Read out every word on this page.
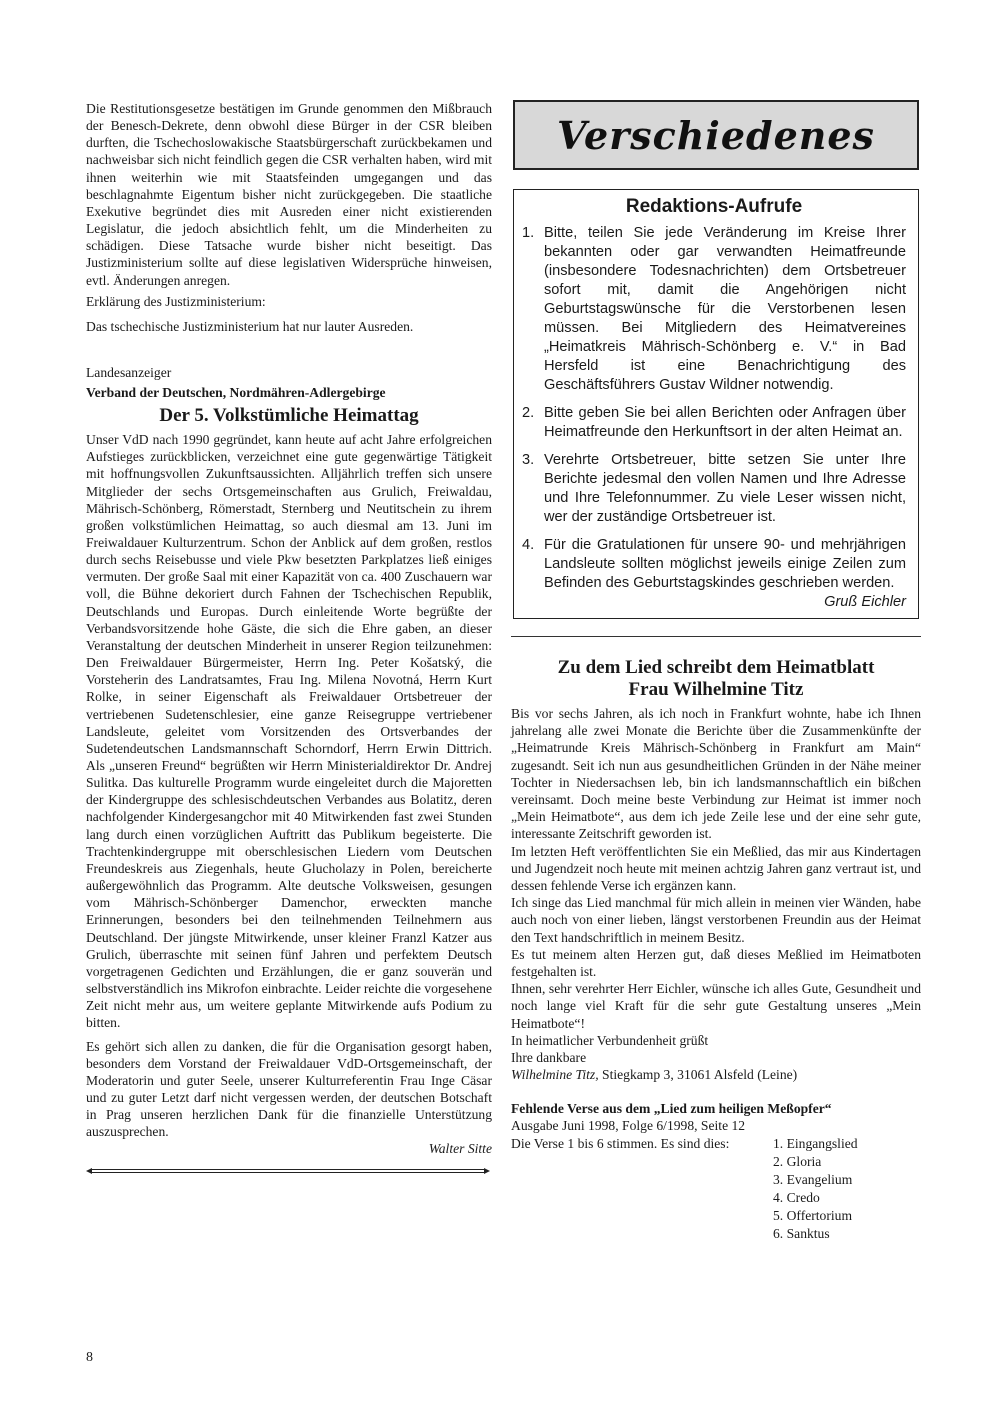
Die Restitutionsgesetze bestätigen im Grunde genommen den Mißbrauch der Benesch-Dekrete, denn obwohl diese Bürger in der CSR bleiben durften, die Tschechoslowakische Staatsbürgerschaft zurückbekamen und nachweisbar sich nicht feindlich gegen die CSR verhalten haben, wird mit ihnen weiterhin wie mit Staatsfeinden umgegangen und das beschlagnahmte Eigentum bisher nicht zurückgegeben. Die staatliche Exekutive begründet dies mit Ausreden einer nicht existierenden Legislatur, die jedoch absichtlich fehlt, um die Minderheiten zu schädigen. Diese Tatsache wurde bisher nicht beseitigt. Das Justizministerium sollte auf diese legislativen Widersprüche hinweisen, evtl. Änderungen anregen.

Erklärung des Justizministerium:

Das tschechische Justizministerium hat nur lauter Ausreden.

Landesanzeiger
Verband der Deutschen, Nordmähren-Adlergebirge
Der 5. Volkstümliche Heimattag

Unser VdD nach 1990 gegründet, kann heute auf acht Jahre erfolgreichen Aufstieges zurückblicken, verzeichnet eine gute gegenwärtige Tätigkeit mit hoffnungsvollen Zukunftsaussichten. Alljährlich treffen sich unsere Mitglieder der sechs Ortsgemeinschaften aus Grulich, Freiwaldau, Mährisch-Schönberg, Römerstadt, Sternberg und Neutitschein zu ihrem großen volkstümlichen Heimattag, so auch diesmal am 13. Juni im Freiwaldauer Kulturzentrum. Schon der Anblick auf dem großen, restlos durch sechs Reisebusse und viele Pkw besetzten Parkplatzes ließ einiges vermuten. Der große Saal mit einer Kapazität von ca. 400 Zuschauern war voll, die Bühne dekoriert durch Fahnen der Tschechischen Republik, Deutschlands und Europas. Durch einleitende Worte begrüßte der Verbandsvorsitzende hohe Gäste, die sich die Ehre gaben, an dieser Veranstaltung der deutschen Minderheit in unserer Region teilzunehmen: Den Freiwaldauer Bürgermeister, Herrn Ing. Peter Košatský, die Vorsteherin des Landratsamtes, Frau Ing. Milena Novotná, Herrn Kurt Rolke, in seiner Eigenschaft als Freiwaldauer Ortsbetreuer der vertriebenen Sudetenschlesier, eine ganze Reisegruppe vertriebener Landsleute, geleitet vom Vorsitzenden des Ortsverbandes der Sudetendeutschen Landsmannschaft Schorndorf, Herrn Erwin Dittrich. Als „unseren Freund“ begrüßten wir Herrn Ministerialdirektor Dr. Andrej Sulitka. Das kulturelle Programm wurde eingeleitet durch die Majoretten der Kindergruppe des schlesischdeutschen Verbandes aus Bolatitz, deren nachfolgender Kindergesangchor mit 40 Mitwirkenden fast zwei Stunden lang durch einen vorzüglichen Auftritt das Publikum begeisterte. Die Trachtenkindergruppe mit oberschlesischen Liedern vom Deutschen Freundeskreis aus Ziegenhals, heute Glucholazy in Polen, bereicherte außergewöhnlich das Programm. Alte deutsche Volksweisen, gesungen vom Mährisch-Schönberger Damenchor, erweckten manche Erinnerungen, besonders bei den teilnehmenden Teilnehmern aus Deutschland. Der jüngste Mitwirkende, unser kleiner Franzl Katzer aus Grulich, überraschte mit seinen fünf Jahren und perfektem Deutsch vorgetragenen Gedichten und Erzählungen, die er ganz souverän und selbstverständlich ins Mikrofon einbrachte. Leider reichte die vorgesehene Zeit nicht mehr aus, um weitere geplante Mitwirkende aufs Podium zu bitten.

Es gehört sich allen zu danken, die für die Organisation gesorgt haben, besonders dem Vorstand der Freiwaldauer VdD-Ortsgemeinschaft, der Moderatorin und guter Seele, unserer Kulturreferentin Frau Inge Cäsar und zu guter Letzt darf nicht vergessen werden, der deutschen Botschaft in Prag unseren herzlichen Dank für die finanzielle Unterstützung auszusprechen.

Walter Sitte
Verschiedenes
Redaktions-Aufrufe
1. Bitte, teilen Sie jede Veränderung im Kreise Ihrer bekannten oder gar verwandten Heimatfreunde (insbesondere Todesnachrichten) dem Ortsbetreuer sofort mit, damit die Angehörigen nicht Geburtstagswünsche für die Verstorbenen lesen müssen. Bei Mitgliedern des Heimatvereines „Heimatkreis Mährisch-Schönberg e. V.“ in Bad Hersfeld ist eine Benachrichtigung des Geschäftsführers Gustav Wildner notwendig.
2. Bitte geben Sie bei allen Berichten oder Anfragen über Heimatfreunde den Herkunftsort in der alten Heimat an.
3. Verehrte Ortsbetreuer, bitte setzen Sie unter Ihre Berichte jedesmal den vollen Namen und Ihre Adresse und Ihre Telefonnummer. Zu viele Leser wissen nicht, wer der zuständige Ortsbetreuer ist.
4. Für die Gratulationen für unsere 90- und mehrjährigen Landsleute sollten möglichst jeweils einige Zeilen zum Befinden des Geburtstagskindes geschrieben werden.
Gruß Eichler
Zu dem Lied schreibt dem Heimatblatt
Frau Wilhelmine Titz

Bis vor sechs Jahren, als ich noch in Frankfurt wohnte, habe ich Ihnen jahrelang alle zwei Monate die Berichte über die Zusammenkünfte der „Heimatrunde Kreis Mährisch-Schönberg in Frankfurt am Main“ zugesandt. Seit ich nun aus gesundheitlichen Gründen in der Nähe meiner Tochter in Niedersachsen leb, bin ich landsmannschaftlich ein bißchen vereinsamt. Doch meine beste Verbindung zur Heimat ist immer noch „Mein Heimatbote“, aus dem ich jede Zeile lese und der eine sehr gute, interessante Zeitschrift geworden ist.

Im letzten Heft veröffentlichten Sie ein Meßlied, das mir aus Kindertagen und Jugendzeit noch heute mit meinen achtzig Jahren ganz vertraut ist, und dessen fehlende Verse ich ergänzen kann.

Ich singe das Lied manchmal für mich allein in meinen vier Wänden, habe auch noch von einer lieben, längst verstorbenen Freundin aus der Heimat den Text handschriftlich in meinem Besitz.

Es tut meinem alten Herzen gut, daß dieses Meßlied im Heimatboten festgehalten ist.

Ihnen, sehr verehrter Herr Eichler, wünsche ich alles Gute, Gesundheit und noch lange viel Kraft für die sehr gute Gestaltung unseres „Mein Heimatbote“!

In heimatlicher Verbundenheit grüßt
Ihre dankbare
Wilhelmine Titz, Stiegkamp 3, 31061 Alsfeld (Leine)
Fehlende Verse aus dem „Lied zum heiligen Meßopfer“
Ausgabe Juni 1998, Folge 6/1998, Seite 12
Die Verse 1 bis 6 stimmen. Es sind dies:	1. Eingangslied
2. Gloria
3. Evangelium
4. Credo
5. Offertorium
6. Sanktus
8
